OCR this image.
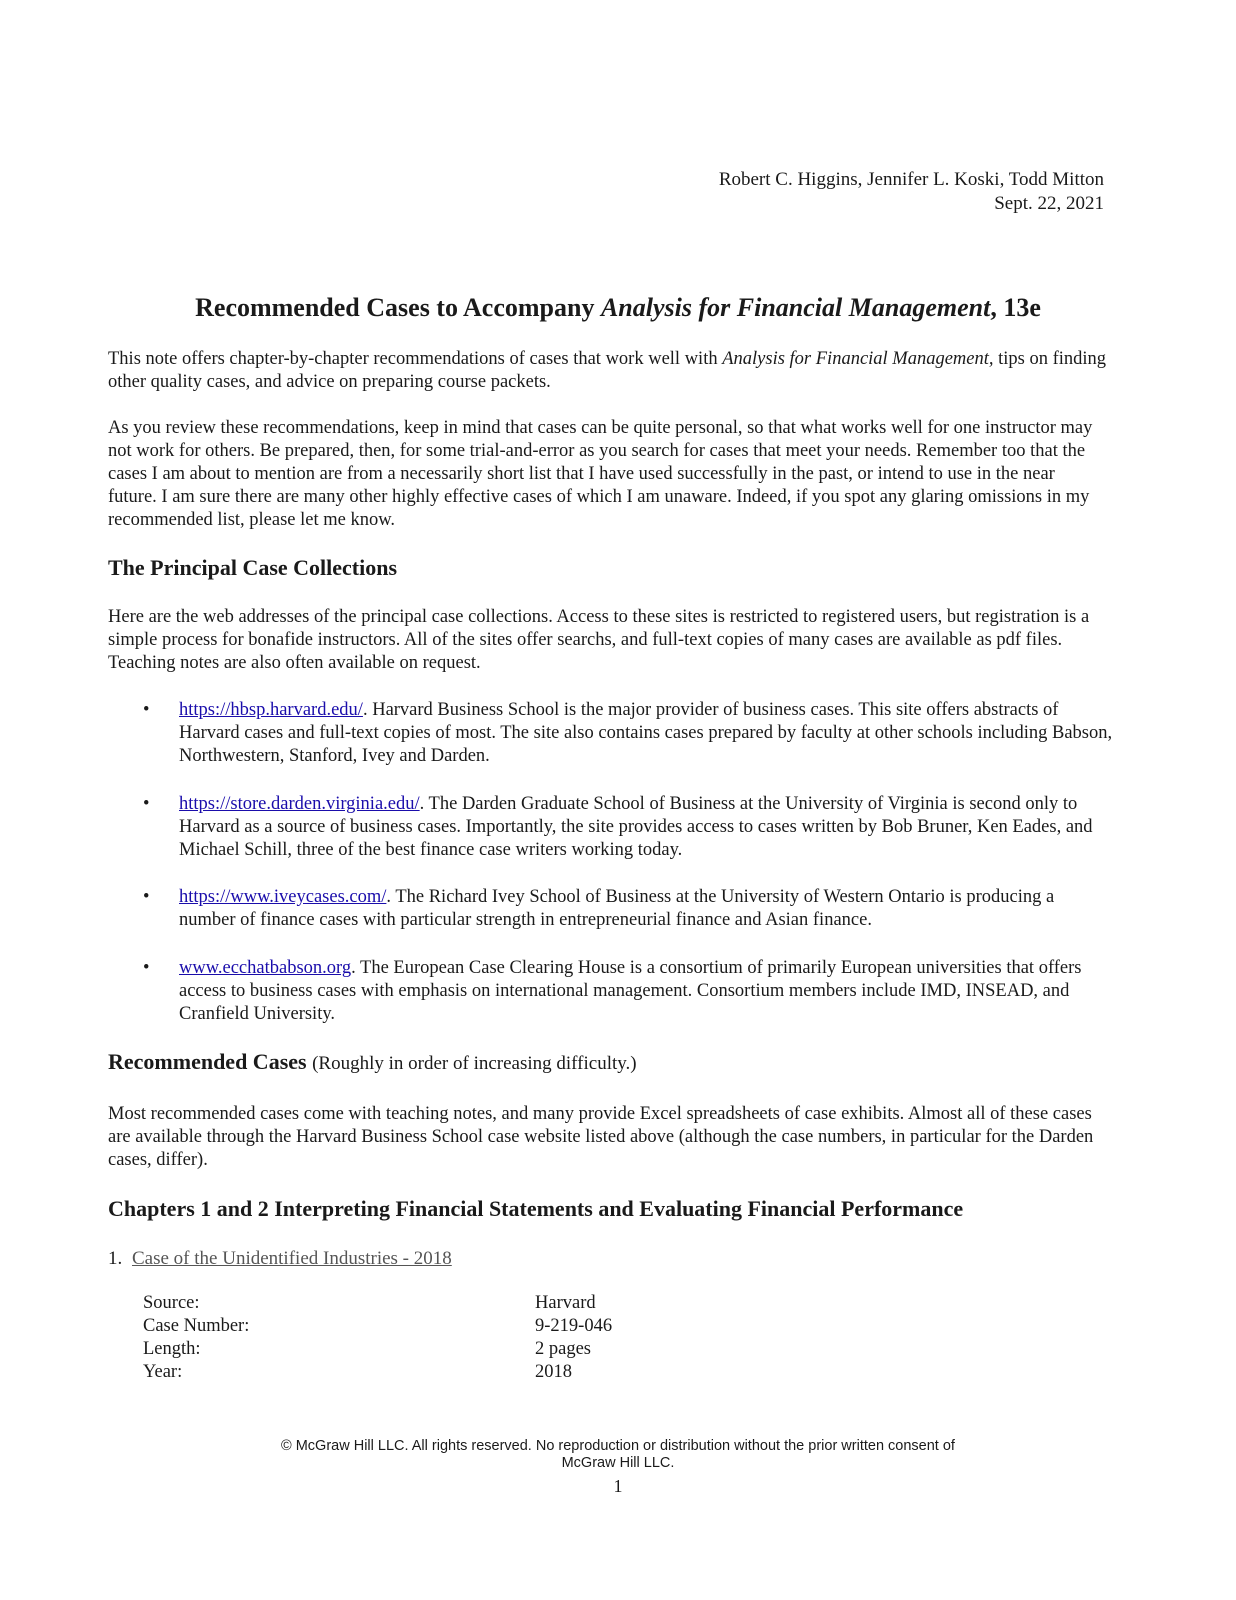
Robert C. Higgins, Jennifer L. Koski, Todd Mitton
Sept. 22, 2021
Recommended Cases to Accompany Analysis for Financial Management, 13e

This note offers chapter-by-chapter recommendations of cases that work well with Analysis for Financial Management, tips on finding other quality cases, and advice on preparing course packets.

As you review these recommendations, keep in mind that cases can be quite personal, so that what works well for one instructor may not work for others. Be prepared, then, for some trial-and-error as you search for cases that meet your needs. Remember too that the cases I am about to mention are from a necessarily short list that I have used successfully in the past, or intend to use in the near future. I am sure there are many other highly effective cases of which I am unaware. Indeed, if you spot any glaring omissions in my recommended list, please let me know.

The Principal Case Collections

Here are the web addresses of the principal case collections. Access to these sites is restricted to registered users, but registration is a simple process for bonafide instructors. All of the sites offer searchs, and full-text copies of many cases are available as pdf files. Teaching notes are also often available on request.

•	https://hbsp.harvard.edu/. Harvard Business School is the major provider of business cases. This site offers abstracts of Harvard cases and full-text copies of most. The site also contains cases prepared by faculty at other schools including Babson, Northwestern, Stanford, Ivey and Darden.
•	https://store.darden.virginia.edu/. The Darden Graduate School of Business at the University of Virginia is second only to Harvard as a source of business cases. Importantly, the site provides access to cases written by Bob Bruner, Ken Eades, and Michael Schill, three of the best finance case writers working today.
•	https://www.iveycases.com/. The Richard Ivey School of Business at the University of Western Ontario is producing a number of finance cases with particular strength in entrepreneurial finance and Asian finance.
•	www.ecchatbabson.org. The European Case Clearing House is a consortium of primarily European universities that offers access to business cases with emphasis on international management. Consortium members include IMD, INSEAD, and Cranfield University.
Recommended Cases (Roughly in order of increasing difficulty.)

Most recommended cases come with teaching notes, and many provide Excel spreadsheets of case exhibits. Almost all of these cases are available through the Harvard Business School case website listed above (although the case numbers, in particular for the Darden cases, differ).

Chapters 1 and 2 Interpreting Financial Statements and Evaluating Financial Performance
1. Case of the Unidentified Industries - 2018
Source:	Harvard
Case Number:	9-219-046
Length:	2 pages
Year:	2018
© McGraw Hill LLC. All rights reserved. No reproduction or distribution without the prior written consent of
McGraw Hill LLC.
1
